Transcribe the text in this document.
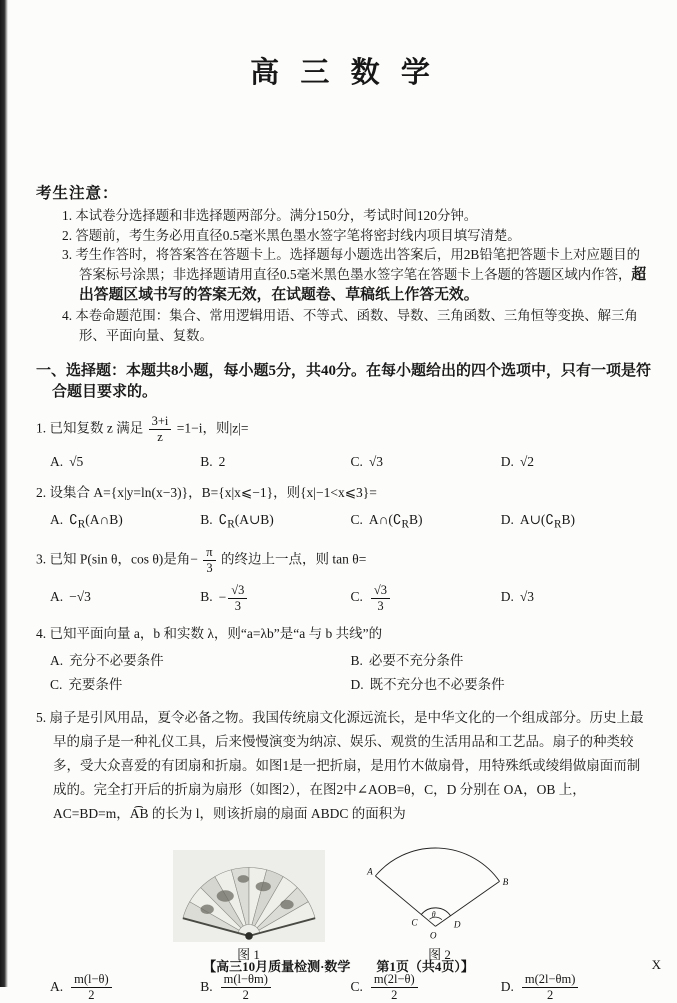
高 三 数 学
考生注意：
1. 本试卷分选择题和非选择题两部分。满分150分，考试时间120分钟。
2. 答题前，考生务必用直径0.5毫米黑色墨水签字笔将密封线内项目填写清楚。
3. 考生作答时，将答案答在答题卡上。选择题每小题选出答案后，用2B铅笔把答题卡上对应题目的答案标号涂黑；非选择题请用直径0.5毫米黑色墨水签字笔在答题卡上各题的答题区域内作答，超出答题区域书写的答案无效，在试题卷、草稿纸上作答无效。
4. 本卷命题范围：集合、常用逻辑用语、不等式、函数、导数、三角函数、三角恒等变换、解三角形、平面向量、复数。
一、选择题：本题共8小题，每小题5分，共40分。在每小题给出的四个选项中，只有一项是符合题目要求的。
1. 已知复数 z 满足 $\frac{3+i}{z} =1-i$，则|z|=
A. √5	B. 2	C. √3	D. √2
2. 设集合 A={x|y=ln(x−3)}，B={x|x⩽−1}，则{x|−1<x⩽3}=
A. $∁_R(A\cap B)$	B. $∁_R(A\cup B)$	C. $A\cap(∁_RB)$	D. $A\cup(∁_RB)$
3. 已知 P(sin θ，cos θ)是角− $\frac{\pi}{3}$ 的终边上一点，则 tan θ=
A. −√3	B. − $\frac{√3}{3}$	C. $\frac{√3}{3}$	D. √3
4. 已知平面向量 a，b 和实数 λ，则“a=λb”是“a 与 b 共线”的
A. 充分不必要条件	B. 必要不充分条件
C. 充要条件	D. 既不充分也不必要条件
5. 扇子是引风用品，夏令必备之物。我国传统扇文化源远流长，是中华文化的一个组成部分。历史上最早的扇子是一种礼仪工具，后来慢慢演变为纳凉、娱乐、观赏的生活用品和工艺品。扇子的种类较多，受大众喜爱的有团扇和折扇。如图1是一把折扇，是用竹木做扇骨，用特殊纸或绫绢做扇面而制成的。完全打开后的折扇为扇形（如图2），在图2中∠AOB=θ，C，D 分别在 OA，OB 上，AC=BD=m，A͡B 的长为 l，则该折扇的扇面 ABDC 的面积为
图 1
A
B
C	D
O
θ
图 2
A. $\frac{m(l-\theta)}{2}$	B. $\frac{m(l-\theta m)}{2}$	C. $\frac{m(2l-\theta)}{2}$	D. $\frac{m(2l-\theta m)}{2}$
【高三10月质量检测·数学　　第1页（共4页）】	X
